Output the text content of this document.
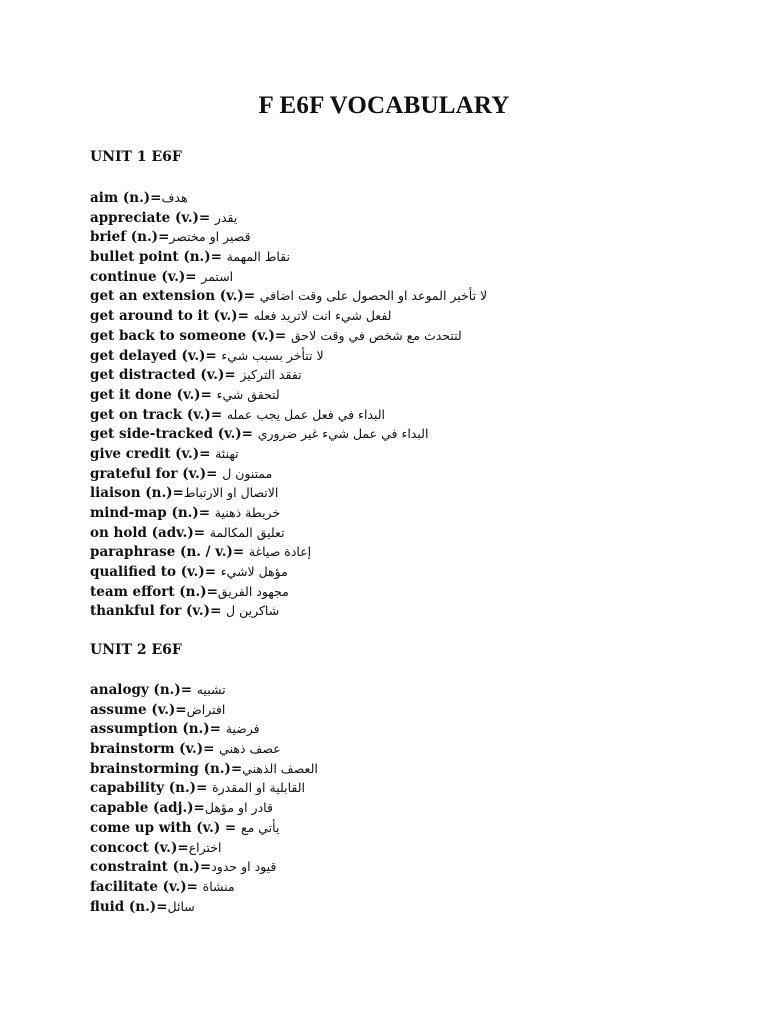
F E6F VOCABULARY
UNIT 1 E6F
aim (n.)=هدف
appreciate (v.)= يقدر
brief (n.)=قصير او مختصر
bullet point (n.)= نقاط المهمة
continue (v.)= استمر
get an extension (v.)= لا تأخير الموعد او الحصول على وقت اضافي
get around to it (v.)= لفعل شيء انت لاتريد فعله
get back to someone (v.)= لتتحدث مع شخص في وقت لاحق
get delayed (v.)= لا تتأخر بسبب شيء
get distracted (v.)= تفقد التركيز
get it done (v.)= لتحقق شيء
get on track (v.)= البداء في فعل عمل يجب عمله
get side-tracked (v.)= البداء في عمل شيء غير ضروري
give credit (v.)= تهنئة
grateful for (v.)= ممتنون ل
liaison (n.)=الاتصال او الارتباط
mind-map (n.)= خريطة ذهنية
on hold (adv.)= تعليق المكالمة
paraphrase (n. / v.)= إعادة صياغة
qualified to (v.)= مؤهل لاشيء
team effort (n.)=مجهود الفريق
thankful for (v.)= شاكرين ل
UNIT 2 E6F
analogy (n.)= تشبيه
assume (v.)=افتراض
assumption (n.)= فرضية
brainstorm (v.)= عصف ذهني
brainstorming (n.)=العصف الذهني
capability (n.)= القابلية او المقدرة
capable (adj.)=قادر او مؤهل
come up with (v.) = يأتي مع
concoct (v.)=اختراع
constraint (n.)=قيود او حدود
facilitate (v.)= منشاة
fluid (n.)=سائل
